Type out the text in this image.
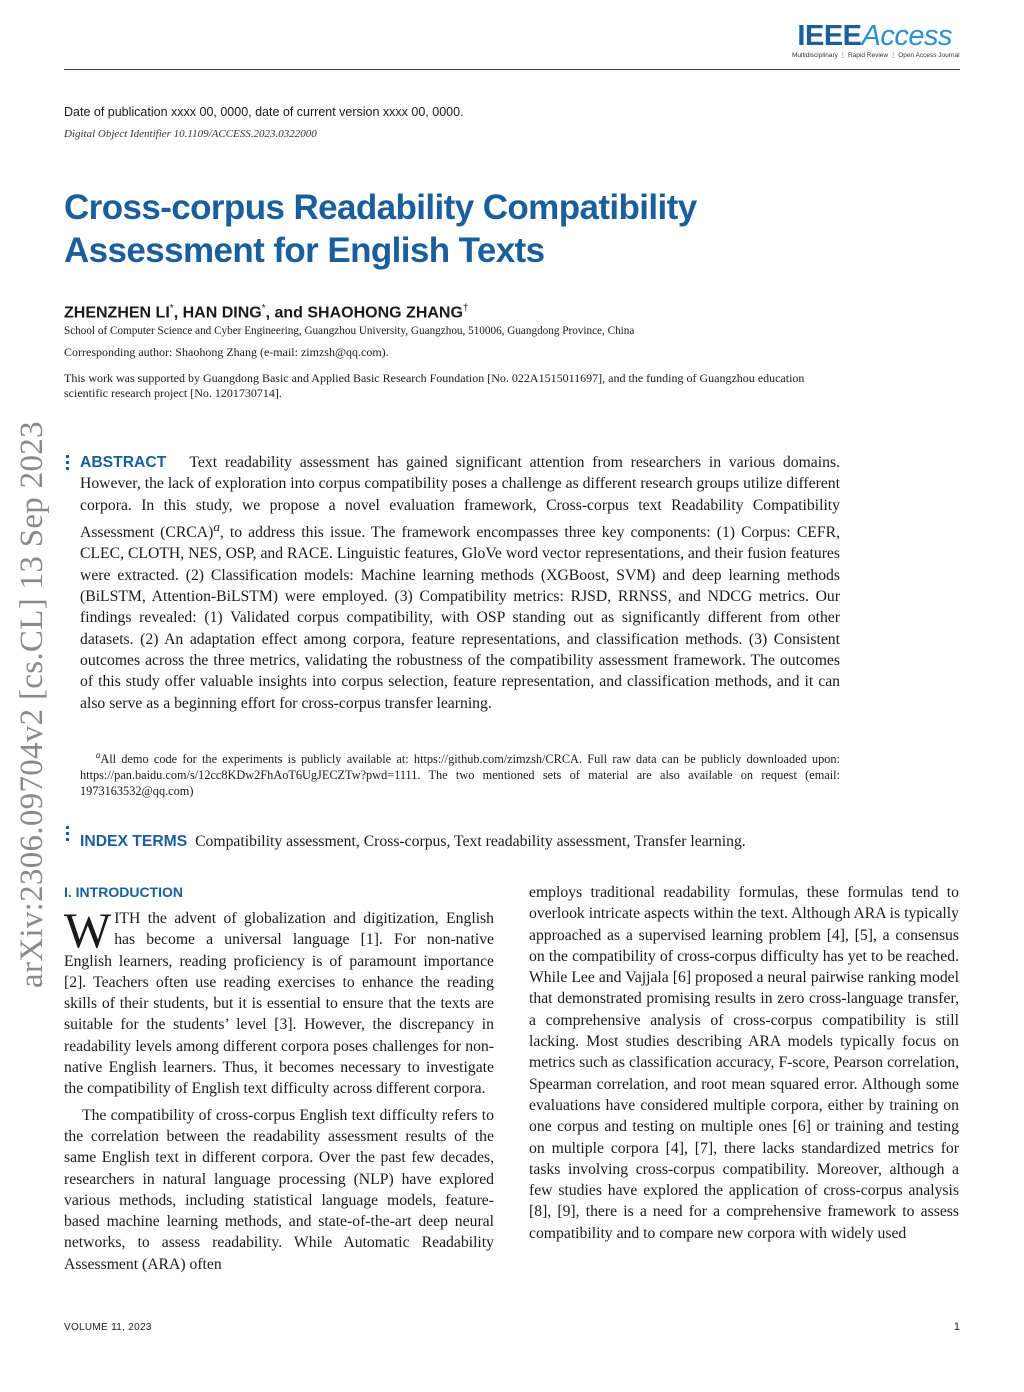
IEEEAccess
Multidisciplinary ⋮ Rapid Review ⋮ Open Access Journal
Date of publication xxxx 00, 0000, date of current version xxxx 00, 0000.
Digital Object Identifier 10.1109/ACCESS.2023.0322000
Cross-corpus Readability Compatibility
Assessment for English Texts
ZHENZHEN LI*, HAN DING*, and SHAOHONG ZHANG†
School of Computer Science and Cyber Engineering, Guangzhou University, Guangzhou, 510006, Guangdong Province, China
Corresponding author: Shaohong Zhang (e-mail: zimzsh@qq.com).
This work was supported by Guangdong Basic and Applied Basic Research Foundation [No. 022A1515011697], and the funding of Guangzhou education scientific research project [No. 1201730714].
arXiv:2306.09704v2 [cs.CL] 13 Sep 2023 ABSTRACT Text readability assessment has gained significant attention from researchers in various domains. However, the lack of exploration into corpus compatibility poses a challenge as different research groups utilize different corpora. In this study, we propose a novel evaluation framework, Cross-corpus text Readability Compatibility Assessment (CRCA)$^a$, to address this issue. The framework encompasses three key components: (1) Corpus: CEFR, CLEC, CLOTH, NES, OSP, and RACE. Linguistic features, GloVe word vector representations, and their fusion features were extracted. (2) Classification models: Machine learning methods (XGBoost, SVM) and deep learning methods (BiLSTM, Attention-BiLSTM) were employed. (3) Compatibility metrics: RJSD, RRNSS, and NDCG metrics. Our findings revealed: (1) Validated corpus compatibility, with OSP standing out as significantly different from other datasets. (2) An adaptation effect among corpora, feature representations, and classification methods. (3) Consistent outcomes across the three metrics, validating the robustness of the compatibility assessment framework. The outcomes of this study offer valuable insights into corpus selection, feature representation, and classification methods, and it can also serve as a beginning effort for cross-corpus transfer learning.
$^a$All demo code for the experiments is publicly available at: https://github.com/zimzsh/CRCA. Full raw data can be publicly downloaded upon: https://pan.baidu.com/s/12cc8KDw2FhAoT6UgJECZTw?pwd=1111. The two mentioned sets of material are also available on request (email: 1973163532@qq.com)
INDEX TERMS Compatibility assessment, Cross-corpus, Text readability assessment, Transfer learning.
I. INTRODUCTION

WITH the advent of globalization and digitization, English has become a universal language [1]. For non-native English learners, reading proficiency is of paramount importance [2]. Teachers often use reading exercises to enhance the reading skills of their students, but it is essential to ensure that the texts are suitable for the students’ level [3]. However, the discrepancy in readability levels among different corpora poses challenges for non-native English learners. Thus, it becomes necessary to investigate the compatibility of English text difficulty across different corpora.

The compatibility of cross-corpus English text difficulty refers to the correlation between the readability assessment results of the same English text in different corpora. Over the past few decades, researchers in natural language processing (NLP) have explored various methods, including statistical language models, feature-based machine learning methods, and state-of-the-art deep neural networks, to assess readability. While Automatic Readability Assessment (ARA) often

employs traditional readability formulas, these formulas tend to overlook intricate aspects within the text. Although ARA is typically approached as a supervised learning problem [4], [5], a consensus on the compatibility of cross-corpus difficulty has yet to be reached. While Lee and Vajjala [6] proposed a neural pairwise ranking model that demonstrated promising results in zero cross-language transfer, a comprehensive analysis of cross-corpus compatibility is still lacking. Most studies describing ARA models typically focus on metrics such as classification accuracy, F-score, Pearson correlation, Spearman correlation, and root mean squared error. Although some evaluations have considered multiple corpora, either by training on one corpus and testing on multiple ones [6] or training and testing on multiple corpora [4], [7], there lacks standardized metrics for tasks involving cross-corpus compatibility. Moreover, although a few studies have explored the application of cross-corpus analysis [8], [9], there is a need for a comprehensive framework to assess compatibility and to compare new corpora with widely used

VOLUME 11, 2023	1
